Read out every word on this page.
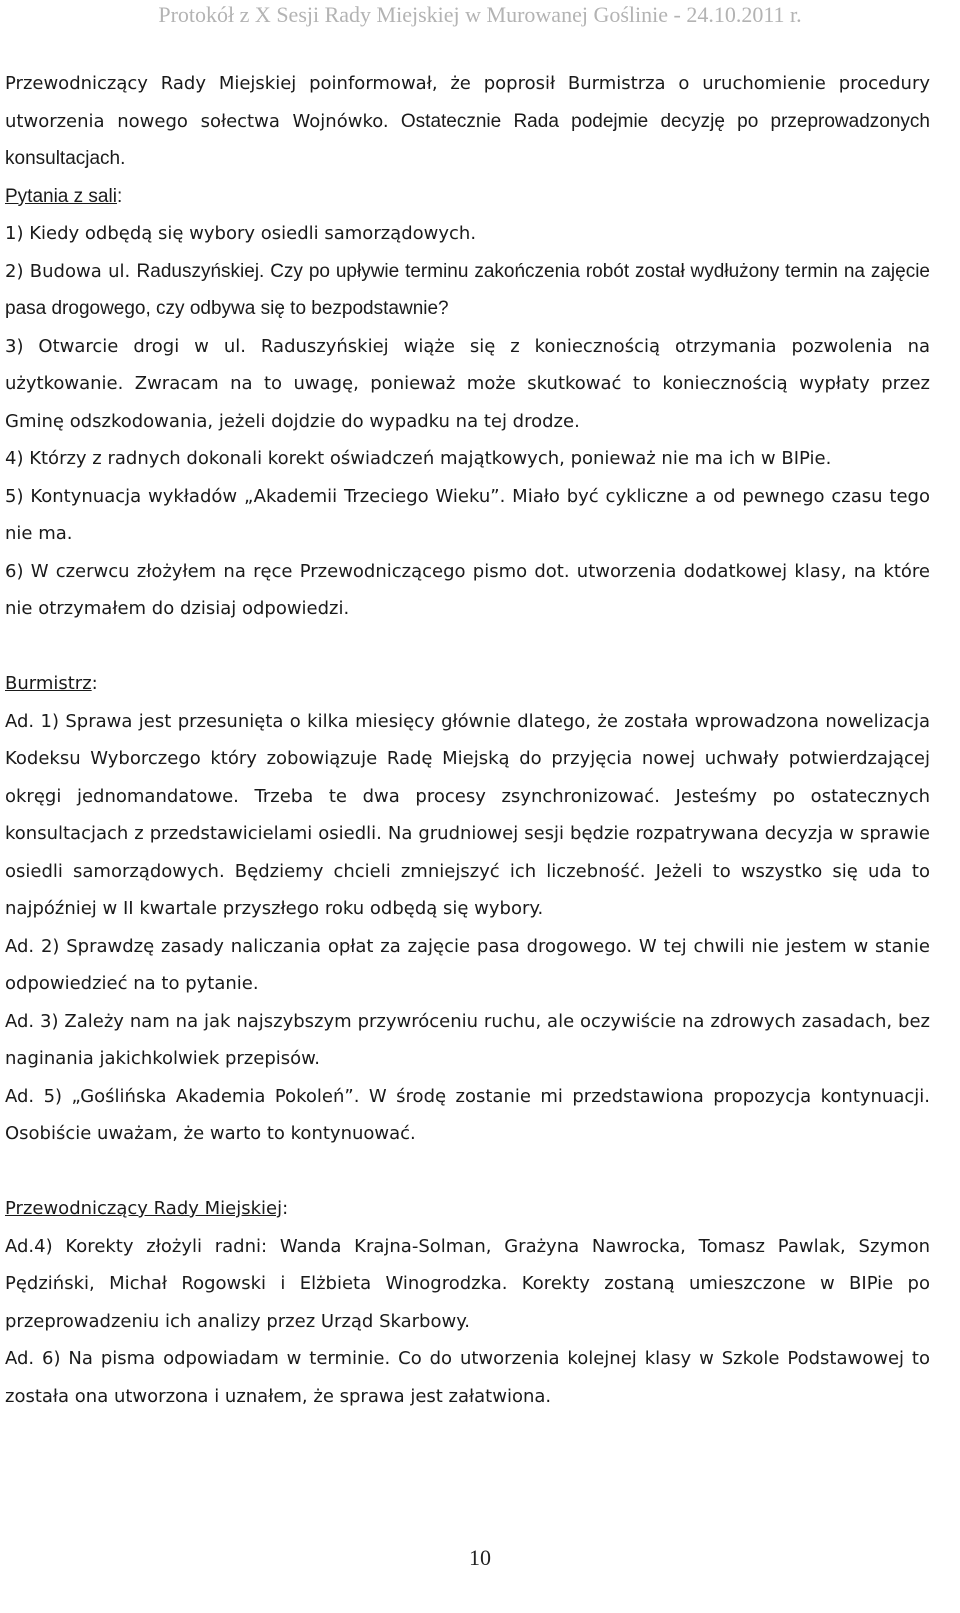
Protokół z X Sesji Rady Miejskiej w Murowanej Goślinie - 24.10.2011 r.

Przewodniczący Rady Miejskiej poinformował, że poprosił Burmistrza o uruchomienie procedury utworzenia nowego sołectwa Wojnówko. Ostatecznie Rada podejmie decyzję po przeprowadzonych konsultacjach.

Pytania z sali:

1) Kiedy odbędą się wybory osiedli samorządowych.

2) Budowa ul. Raduszyńskiej. Czy po upływie terminu zakończenia robót został wydłużony termin na zajęcie pasa drogowego, czy odbywa się to bezpodstawnie?

3) Otwarcie drogi w ul. Raduszyńskiej wiąże się z koniecznością otrzymania pozwolenia na użytkowanie. Zwracam na to uwagę, ponieważ może skutkować to koniecznością wypłaty przez Gminę odszkodowania, jeżeli dojdzie do wypadku na tej drodze.

4) Którzy z radnych dokonali korekt oświadczeń majątkowych, ponieważ nie ma ich w BIPie.

5) Kontynuacja wykładów „Akademii Trzeciego Wieku”. Miało być cykliczne a od pewnego czasu tego nie ma.

6) W czerwcu złożyłem na ręce Przewodniczącego pismo dot. utworzenia dodatkowej klasy, na które nie otrzymałem do dzisiaj odpowiedzi.

Burmistrz:

Ad. 1) Sprawa jest przesunięta o kilka miesięcy głównie dlatego, że została wprowadzona nowelizacja Kodeksu Wyborczego który zobowiązuje Radę Miejską do przyjęcia nowej uchwały potwierdzającej okręgi jednomandatowe. Trzeba te dwa procesy zsynchronizować. Jesteśmy po ostatecznych konsultacjach z przedstawicielami osiedli. Na grudniowej sesji będzie rozpatrywana decyzja w sprawie osiedli samorządowych. Będziemy chcieli zmniejszyć ich liczebność. Jeżeli to wszystko się uda to najpóźniej w II kwartale przyszłego roku odbędą się wybory.

Ad. 2) Sprawdzę zasady naliczania opłat za zajęcie pasa drogowego. W tej chwili nie jestem w stanie odpowiedzieć na to pytanie.

Ad. 3) Zależy nam na jak najszybszym przywróceniu ruchu, ale oczywiście na zdrowych zasadach, bez naginania jakichkolwiek przepisów.

Ad. 5) „Goślińska Akademia Pokoleń”. W środę zostanie mi przedstawiona propozycja kontynuacji. Osobiście uważam, że warto to kontynuować.

Przewodniczący Rady Miejskiej:

Ad.4) Korekty złożyli radni: Wanda Krajna-Solman, Grażyna Nawrocka, Tomasz Pawlak, Szymon Pędziński, Michał Rogowski i Elżbieta Winogrodzka. Korekty zostaną umieszczone w BIPie po przeprowadzeniu ich analizy przez Urząd Skarbowy.

Ad. 6) Na pisma odpowiadam w terminie. Co do utworzenia kolejnej klasy w Szkole Podstawowej to została ona utworzona i uznałem, że sprawa jest załatwiona.

10
